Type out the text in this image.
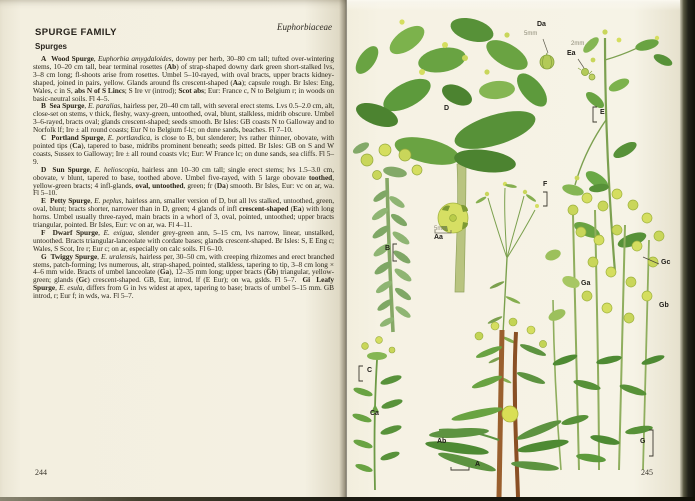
SPURGE FAMILY	Euphorbiaceae
Spurges

A  Wood Spurge, Euphorbia amygdaloides, downy per herb, 30–80 cm tall; tufted over-wintering stems, 10–20 cm tall, bear terminal rosettes (Ab) of strap-shaped downy dark green short-stalked lvs, 3–8 cm long; fl-shoots arise from rosettes. Umbel 5–10-rayed, with oval bracts, upper bracts kidney-shaped, joined in pairs, yellow. Glands around fls crescent-shaped (Aa); capsule rough. Br Isles: Eng, Wales, c in S, abs N of S Lincs; S Ire vr (introd); Scot abs; Eur: France c, N to Belgium r; in woods on basic-neutral soils. Fl 4–5.

B  Sea Spurge, E. paralias, hairless per, 20–40 cm tall, with several erect stems. Lvs 0.5–2.0 cm, alt, close-set on stems, v thick, fleshy, waxy-green, untoothed, oval, blunt, stalkless, midrib obscure. Umbel 3–6-rayed, bracts oval; glands crescent-shaped; seeds smooth. Br Isles: GB coasts N to Galloway and to Norfolk lf; Ire ± all round coasts; Eur N to Belgium f-lc; on dune sands, beaches. Fl 7–10.

C  Portland Spurge, E. portlandica, is close to B, but slenderer; lvs rather thinner, obovate, with pointed tips (Ca), tapered to base, midribs prominent beneath; seeds pitted. Br Isles: GB on S and W coasts, Sussex to Galloway; Ire ± all round coasts vlc; Eur: W France lc; on dune sands, sea cliffs. Fl 5–9.

D  Sun Spurge, E. helioscopia, hairless ann 10–30 cm tall; single erect stems; lvs 1.5–3.0 cm, obovate, v blunt, tapered to base, toothed above. Umbel five-rayed, with 5 large obovate toothed, yellow-green bracts; 4 infl-glands, oval, untoothed, green; fr (Da) smooth. Br Isles, Eur: vc on ar, wa. Fl 5–10.

E  Petty Spurge, E. peplus, hairless ann, smaller version of D, but all lvs stalked, untoothed, green, oval, blunt; bracts shorter, narrower than in D, green; 4 glands of infl crescent-shaped (Ea) with long horns. Umbel usually three-rayed, main bracts in a whorl of 3, oval, pointed, untoothed; upper bracts triangular, pointed. Br Isles, Eur: vc on ar, wa. Fl 4–11.

F  Dwarf Spurge, E. exigua, slender grey-green ann, 5–15 cm, lvs narrow, linear, unstalked, untoothed. Bracts triangular-lanceolate with cordate bases; glands crescent-shaped. Br Isles: S, E Eng c; Wales, S Scot, Ire r; Eur c; on ar, especially on calc soils. Fl 6–10.

G  Twiggy Spurge, E. uralensis, hairless per, 30–50 cm, with creeping rhizomes and erect branched stems, patch-forming; lvs numerous, alt, strap-shaped, pointed, stalkless, tapering to tip, 3–8 cm long × 4–6 mm wide. Bracts of umbel lanceolate (Ga), 12–35 mm long; upper bracts (Gb) triangular, yellow-green; glands (Gc) crescent-shaped. GB, Eur, introd, lf (E Eur); on wa, gslds. Fl 5–7.  Gi  Leafy Spurge, E. esula, differs from G in lvs widest at apex, tapering to base; bracts of umbel 5–15 mm. GB introd, r; Eur f; in wds, wa. Fl 5–7.

244
Da
5mm
2mm
Ea
D
E
F
5mm
Aa
B
Gc
Ga
Gb
C
Ca
Ab
A
G
245
